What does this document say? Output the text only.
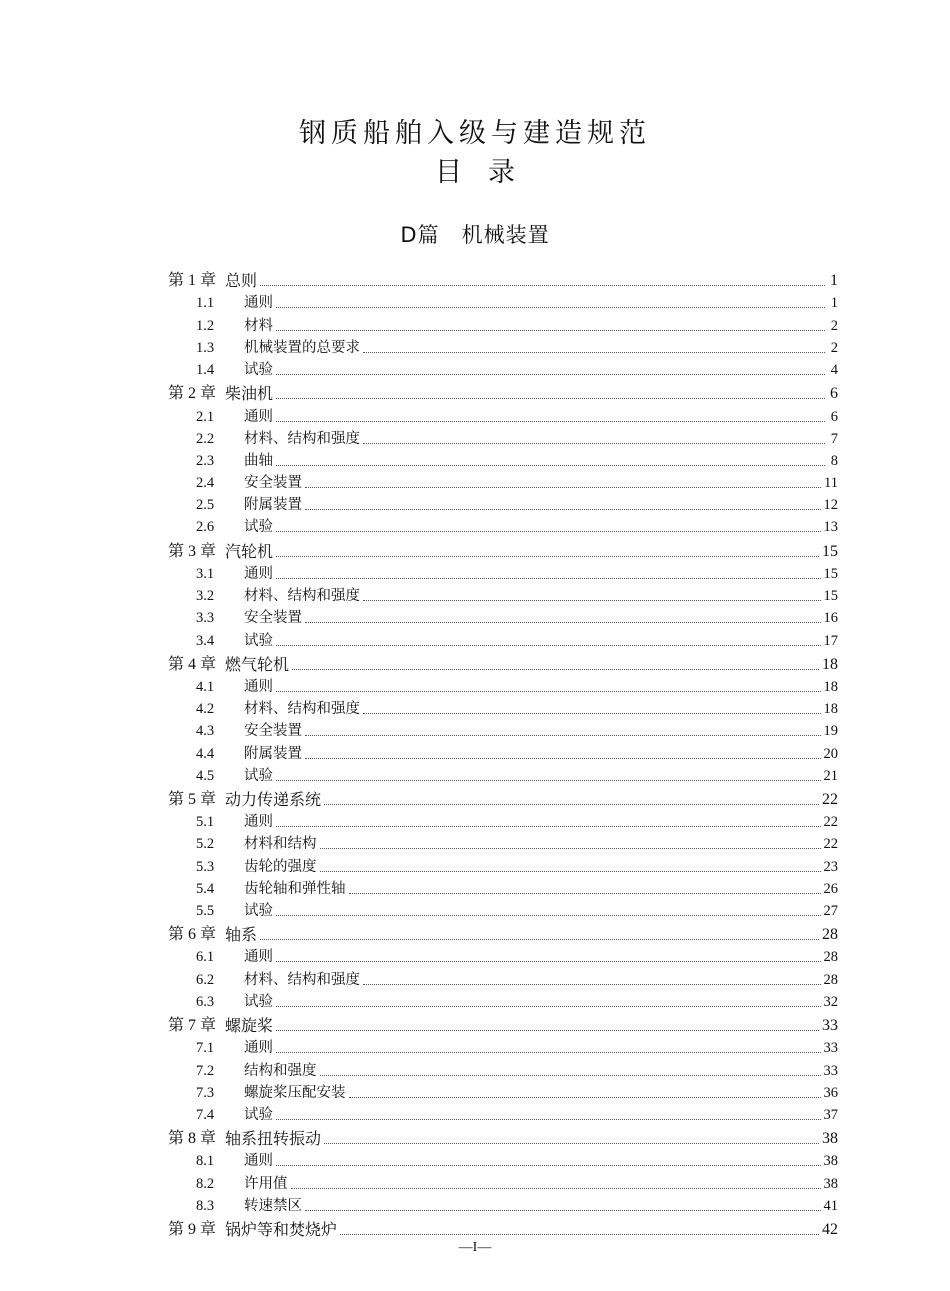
钢质船舶入级与建造规范
目录
D篇 机械装置
第 1 章 总则	1
1.1	通则	1
1.2	材料	2
1.3	机械装置的总要求	2
1.4	试验	4
第 2 章 柴油机	6
2.1	通则	6
2.2	材料、结构和强度	7
2.3	曲轴	8
2.4	安全装置	11
2.5	附属装置	12
2.6	试验	13
第 3 章 汽轮机	15
3.1	通则	15
3.2	材料、结构和强度	15
3.3	安全装置	16
3.4	试验	17
第 4 章 燃气轮机	18
4.1	通则	18
4.2	材料、结构和强度	18
4.3	安全装置	19
4.4	附属装置	20
4.5	试验	21
第 5 章 动力传递系统	22
5.1	通则	22
5.2	材料和结构	22
5.3	齿轮的强度	23
5.4	齿轮轴和弹性轴	26
5.5	试验	27
第 6 章 轴系	28
6.1	通则	28
6.2	材料、结构和强度	28
6.3	试验	32
第 7 章 螺旋桨	33
7.1	通则	33
7.2	结构和强度	33
7.3	螺旋桨压配安装	36
7.4	试验	37
第 8 章 轴系扭转振动	38
8.1	通则	38
8.2	许用值	38
8.3	转速禁区	41
第 9 章 锅炉等和焚烧炉	42
—I—
